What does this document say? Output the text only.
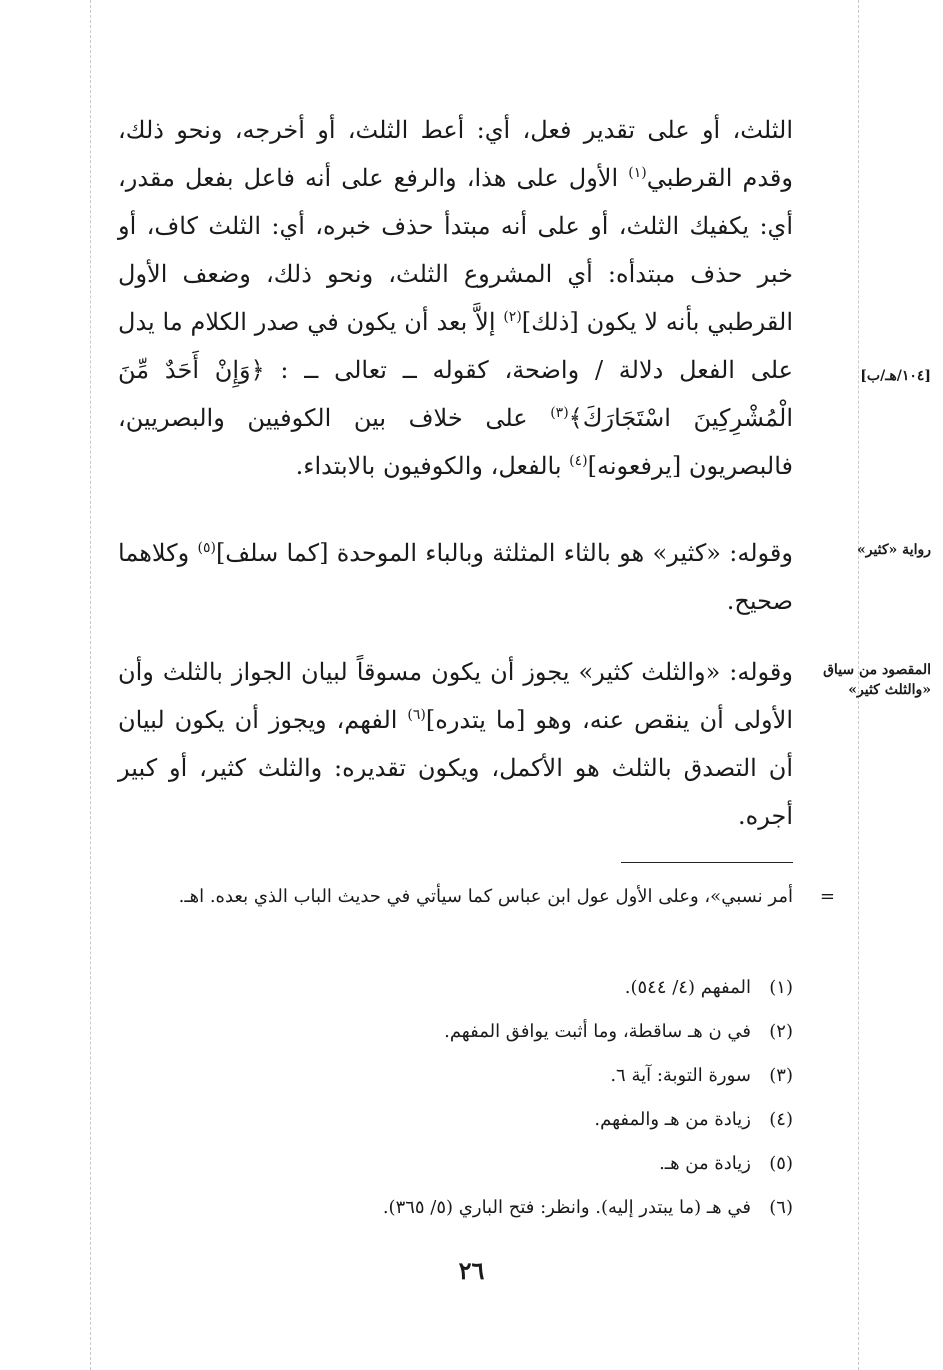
الثلث، أو على تقدير فعل، أي: أعط الثلث، أو أخرجه، ونحو ذلك، وقدم القرطبي$^{(١)}$ الأول على هذا، والرفع على أنه فاعل بفعل مقدر، أي: يكفيك الثلث، أو على أنه مبتدأ حذف خبره، أي: الثلث كاف، أو خبر حذف مبتدأه: أي المشروع الثلث، ونحو ذلك، وضعف الأول القرطبي بأنه لا يكون [ذلك]$^{(٢)}$ إلاَّ بعد أن يكون في صدر الكلام ما يدل على الفعل دلالة / واضحة، كقوله ــ تعالى ــ : ﴿وَإِنْ أَحَدٌ مِّنَ الْمُشْرِكِينَ اسْتَجَارَكَ﴾$^{(٣)}$ على خلاف بين الكوفيين والبصريين، فالبصريون [يرفعونه]$^{(٤)}$ بالفعل، والكوفيون بالابتداء.

وقوله: «كثير» هو بالثاء المثلثة وبالباء الموحدة [كما سلف]$^{(٥)}$ وكلاهما صحيح.

وقوله: «والثلث كثير» يجوز أن يكون مسوقاً لبيان الجواز بالثلث وأن الأولى أن ينقص عنه، وهو [ما يتدره]$^{(٦)}$ الفهم، ويجوز أن يكون لبيان أن التصدق بالثلث هو الأكمل، ويكون تقديره: والثلث كثير، أو كبير أجره.

[١٠٤/هـ/ب]
رواية «كثير»
المقصود من سياق «والثلث كثير»
=
أمر نسبي»، وعلى الأول عول ابن عباس كما سيأتي في حديث الباب الذي بعده. اهـ.
(١)
المفهم (٤/ ٥٤٤).
(٢)
في ن هـ ساقطة، وما أثبت يوافق المفهم.
(٣)
سورة التوبة: آية ٦.
(٤)
زيادة من هـ والمفهم.
(٥)
زيادة من هـ.
(٦)
في هـ (ما يبتدر إليه). وانظر: فتح الباري (٥/ ٣٦٥).
٢٦
